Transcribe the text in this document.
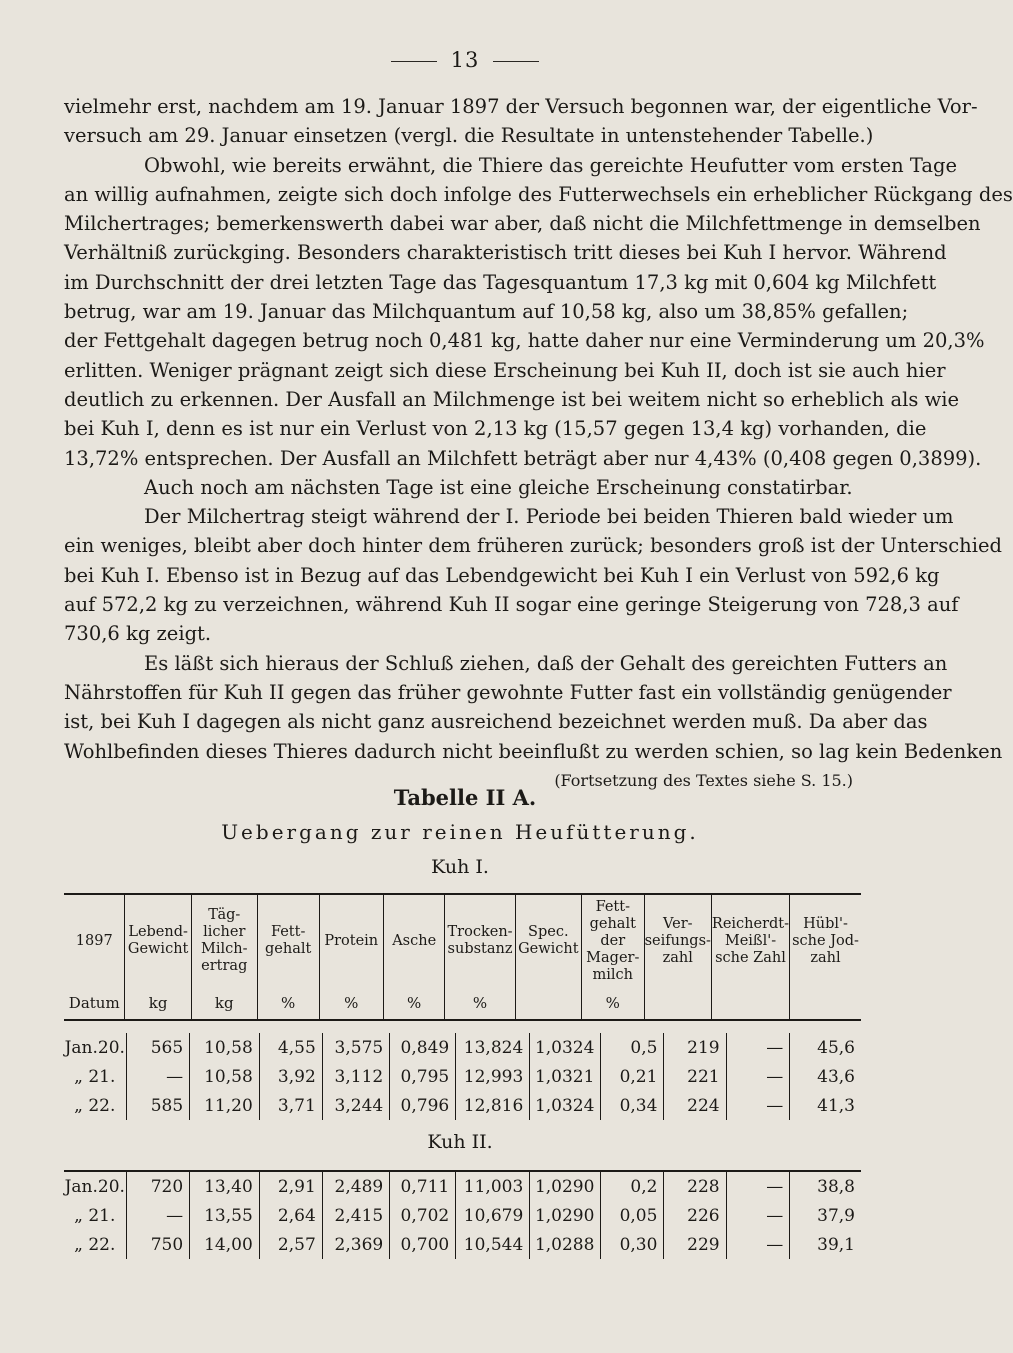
13
vielmehr erst, nachdem am 19. Januar 1897 der Versuch begonnen war, der eigentliche Vor-
versuch am 29. Januar einsetzen (vergl. die Resultate in untenstehender Tabelle.)
Obwohl, wie bereits erwähnt, die Thiere das gereichte Heufutter vom ersten Tage
an willig aufnahmen, zeigte sich doch infolge des Futterwechsels ein erheblicher Rückgang des
Milchertrages; bemerkenswerth dabei war aber, daß nicht die Milchfettmenge in demselben
Verhältniß zurückging. Besonders charakteristisch tritt dieses bei Kuh I hervor. Während
im Durchschnitt der drei letzten Tage das Tagesquantum 17,3 kg mit 0,604 kg Milchfett
betrug, war am 19. Januar das Milchquantum auf 10,58 kg, also um 38,85% gefallen;
der Fettgehalt dagegen betrug noch 0,481 kg, hatte daher nur eine Verminderung um 20,3%
erlitten. Weniger prägnant zeigt sich diese Erscheinung bei Kuh II, doch ist sie auch hier
deutlich zu erkennen. Der Ausfall an Milchmenge ist bei weitem nicht so erheblich als wie
bei Kuh I, denn es ist nur ein Verlust von 2,13 kg (15,57 gegen 13,4 kg) vorhanden, die
13,72% entsprechen. Der Ausfall an Milchfett beträgt aber nur 4,43% (0,408 gegen 0,3899).
Auch noch am nächsten Tage ist eine gleiche Erscheinung constatirbar.
Der Milchertrag steigt während der I. Periode bei beiden Thieren bald wieder um
ein weniges, bleibt aber doch hinter dem früheren zurück; besonders groß ist der Unterschied
bei Kuh I. Ebenso ist in Bezug auf das Lebendgewicht bei Kuh I ein Verlust von 592,6 kg
auf 572,2 kg zu verzeichnen, während Kuh II sogar eine geringe Steigerung von 728,3 auf
730,6 kg zeigt.
Es läßt sich hieraus der Schluß ziehen, daß der Gehalt des gereichten Futters an
Nährstoffen für Kuh II gegen das früher gewohnte Futter fast ein vollständig genügender
ist, bei Kuh I dagegen als nicht ganz ausreichend bezeichnet werden muß. Da aber das
Wohlbefinden dieses Thieres dadurch nicht beeinflußt zu werden schien, so lag kein Bedenken
(Fortsetzung des Textes siehe S. 15.)
Tabelle II A.
Uebergang zur reinen Heufütterung.
Kuh I.
1897	Lebend-Gewicht	Täg-licher Milch-ertrag	Fett-gehalt	Protein	Asche	Trocken-substanz	Spec. Gewicht	Fett-gehalt der Mager-milch	Ver-seifungs-zahl	Reicherdt-Meißl'-sche Zahl	Hübl'-sche Jod-zahl
Datum	kg	kg	%	%	%	%		%			
Jan.20.	565	10,58	4,55	3,575	0,849	13,824	1,0324	0,5	219	—	45,6
„ 21.	—	10,58	3,92	3,112	0,795	12,993	1,0321	0,21	221	—	43,6
„ 22.	585	11,20	3,71	3,244	0,796	12,816	1,0324	0,34	224	—	41,3
Kuh II.
Jan.20.	720	13,40	2,91	2,489	0,711	11,003	1,0290	0,2	228	—	38,8
„ 21.	—	13,55	2,64	2,415	0,702	10,679	1,0290	0,05	226	—	37,9
„ 22.	750	14,00	2,57	2,369	0,700	10,544	1,0288	0,30	229	—	39,1
